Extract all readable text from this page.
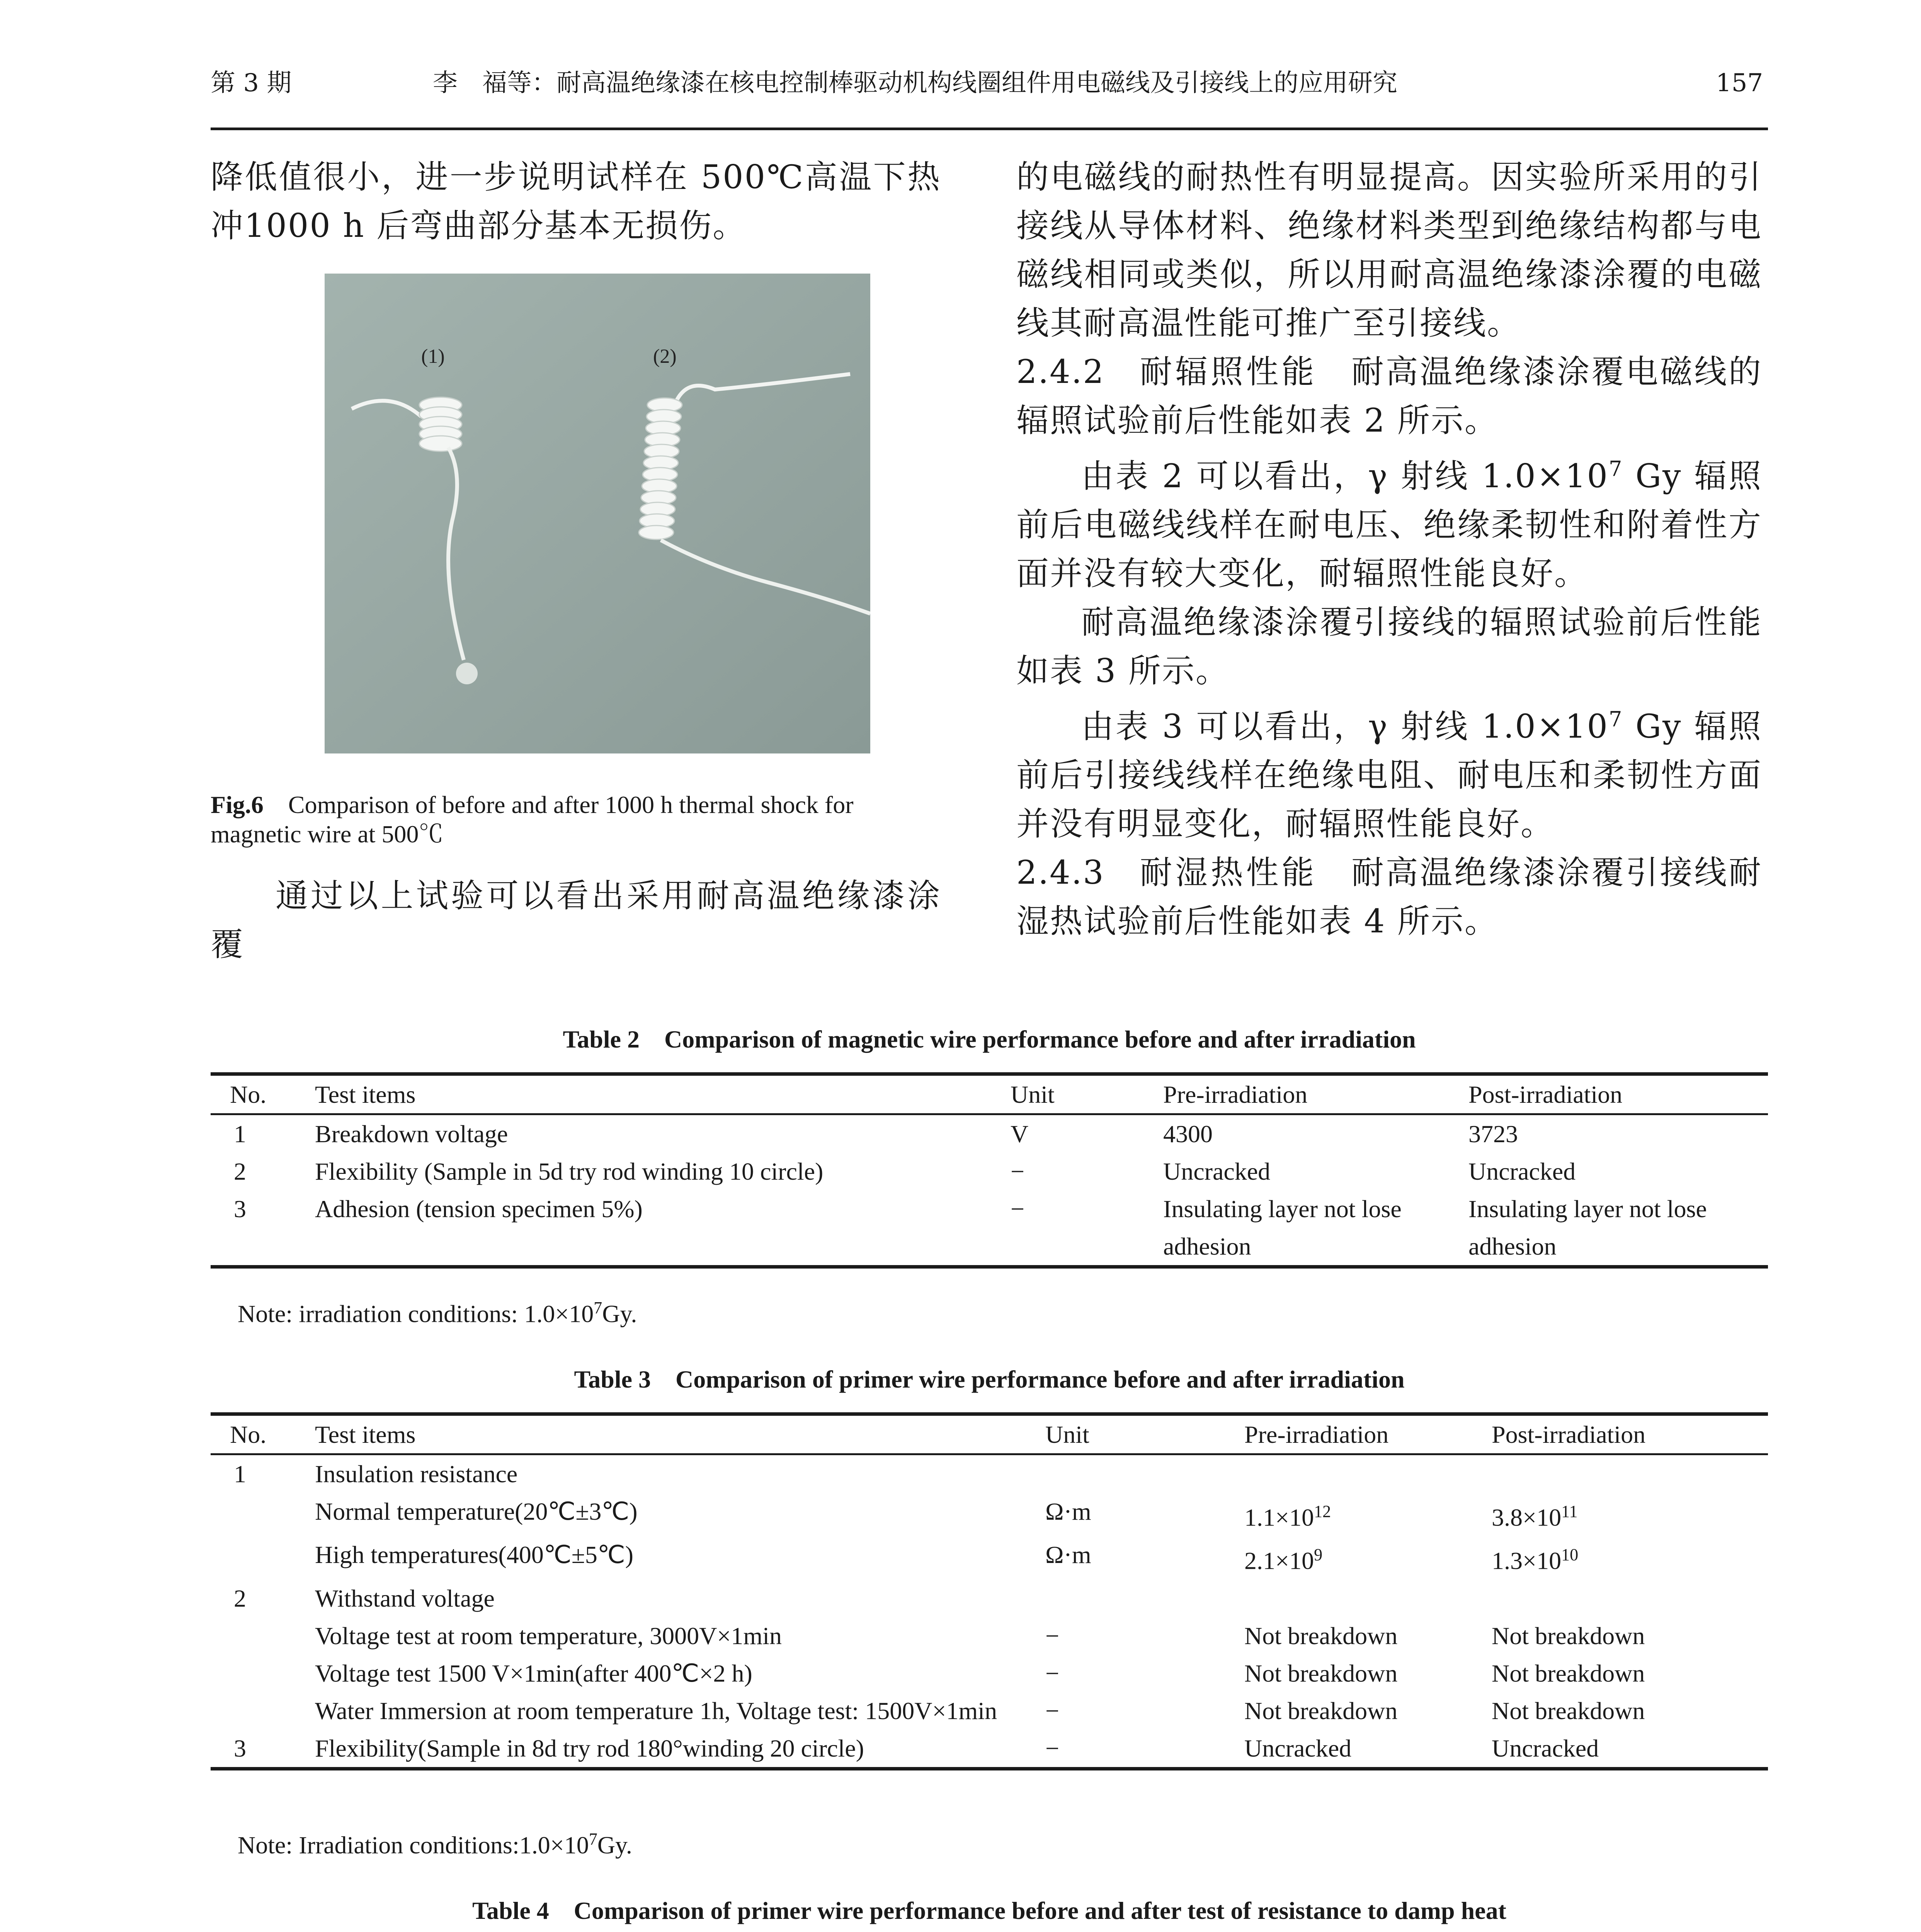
第 3 期	李　福等：耐高温绝缘漆在核电控制棒驱动机构线圈组件用电磁线及引接线上的应用研究	157
降低值很小，进一步说明试样在 500℃高温下热冲1000 h 后弯曲部分基本无损伤。
(1)	(2)
Fig.6　 Comparison of before and after 1000 h thermal shock for magnetic wire at 500℃
通过以上试验可以看出采用耐高温绝缘漆涂覆

的电磁线的耐热性有明显提高。因实验所采用的引接线从导体材料、绝缘材料类型到绝缘结构都与电磁线相同或类似，所以用耐高温绝缘漆涂覆的电磁线其耐高温性能可推广至引接线。

2.4.2　 耐辐照性能　 耐高温绝缘漆涂覆电磁线的辐照试验前后性能如表 2 所示。

由表 2 可以看出，γ 射线 $1.0\times 10^7$ Gy 辐照前后电磁线线样在耐电压、绝缘柔韧性和附着性方面并没有较大变化，耐辐照性能良好。

耐高温绝缘漆涂覆引接线的辐照试验前后性能如表 3 所示。

由表 3 可以看出，γ 射线 $1.0\times 10^7$ Gy 辐照前后引接线线样在绝缘电阻、耐电压和柔韧性方面并没有明显变化，耐辐照性能良好。

2.4.3　 耐湿热性能　 耐高温绝缘漆涂覆引接线耐湿热试验前后性能如表 4 所示。

Table 2　Comparison of magnetic wire performance before and after irradiation
No.	Test items	Unit	Pre-irradiation	Post-irradiation
1	Breakdown voltage	V	4300	3723
2	Flexibility (Sample in 5d try rod winding 10 circle)	−	Uncracked	Uncracked
3	Adhesion (tension specimen 5%)	−	Insulating layer not lose adhesion	Insulating layer not lose adhesion
Note: irradiation conditions: $1.0\times 10^7Gy$.
Table 3　Comparison of primer wire performance before and after irradiation
No.	Test items	Unit	Pre-irradiation	Post-irradiation
1	Insulation resistance			
	Normal temperature(20℃±3℃)	Ω·m	$1.1\times 10^{12}$	$3.8\times 10^{11}$
	High temperatures(400℃±5℃)	Ω·m	$2.1\times 10^9$	$1.3\times 10^{10}$
2	Withstand voltage			
	Voltage test at room temperature, 3000V×1min	−	Not breakdown	Not breakdown
	Voltage test 1500 V×1min(after 400℃×2 h)	−	Not breakdown	Not breakdown
	Water Immersion at room temperature 1h, Voltage test: 1500V×1min	−	Not breakdown	Not breakdown
3	Flexibility(Sample in 8d try rod 180°winding 20 circle)	−	Uncracked	Uncracked
Note: Irradiation $conditions:1.0\times 10^7Gy$.
Table 4　Comparison of primer wire performance before and after test of resistance to damp heat
